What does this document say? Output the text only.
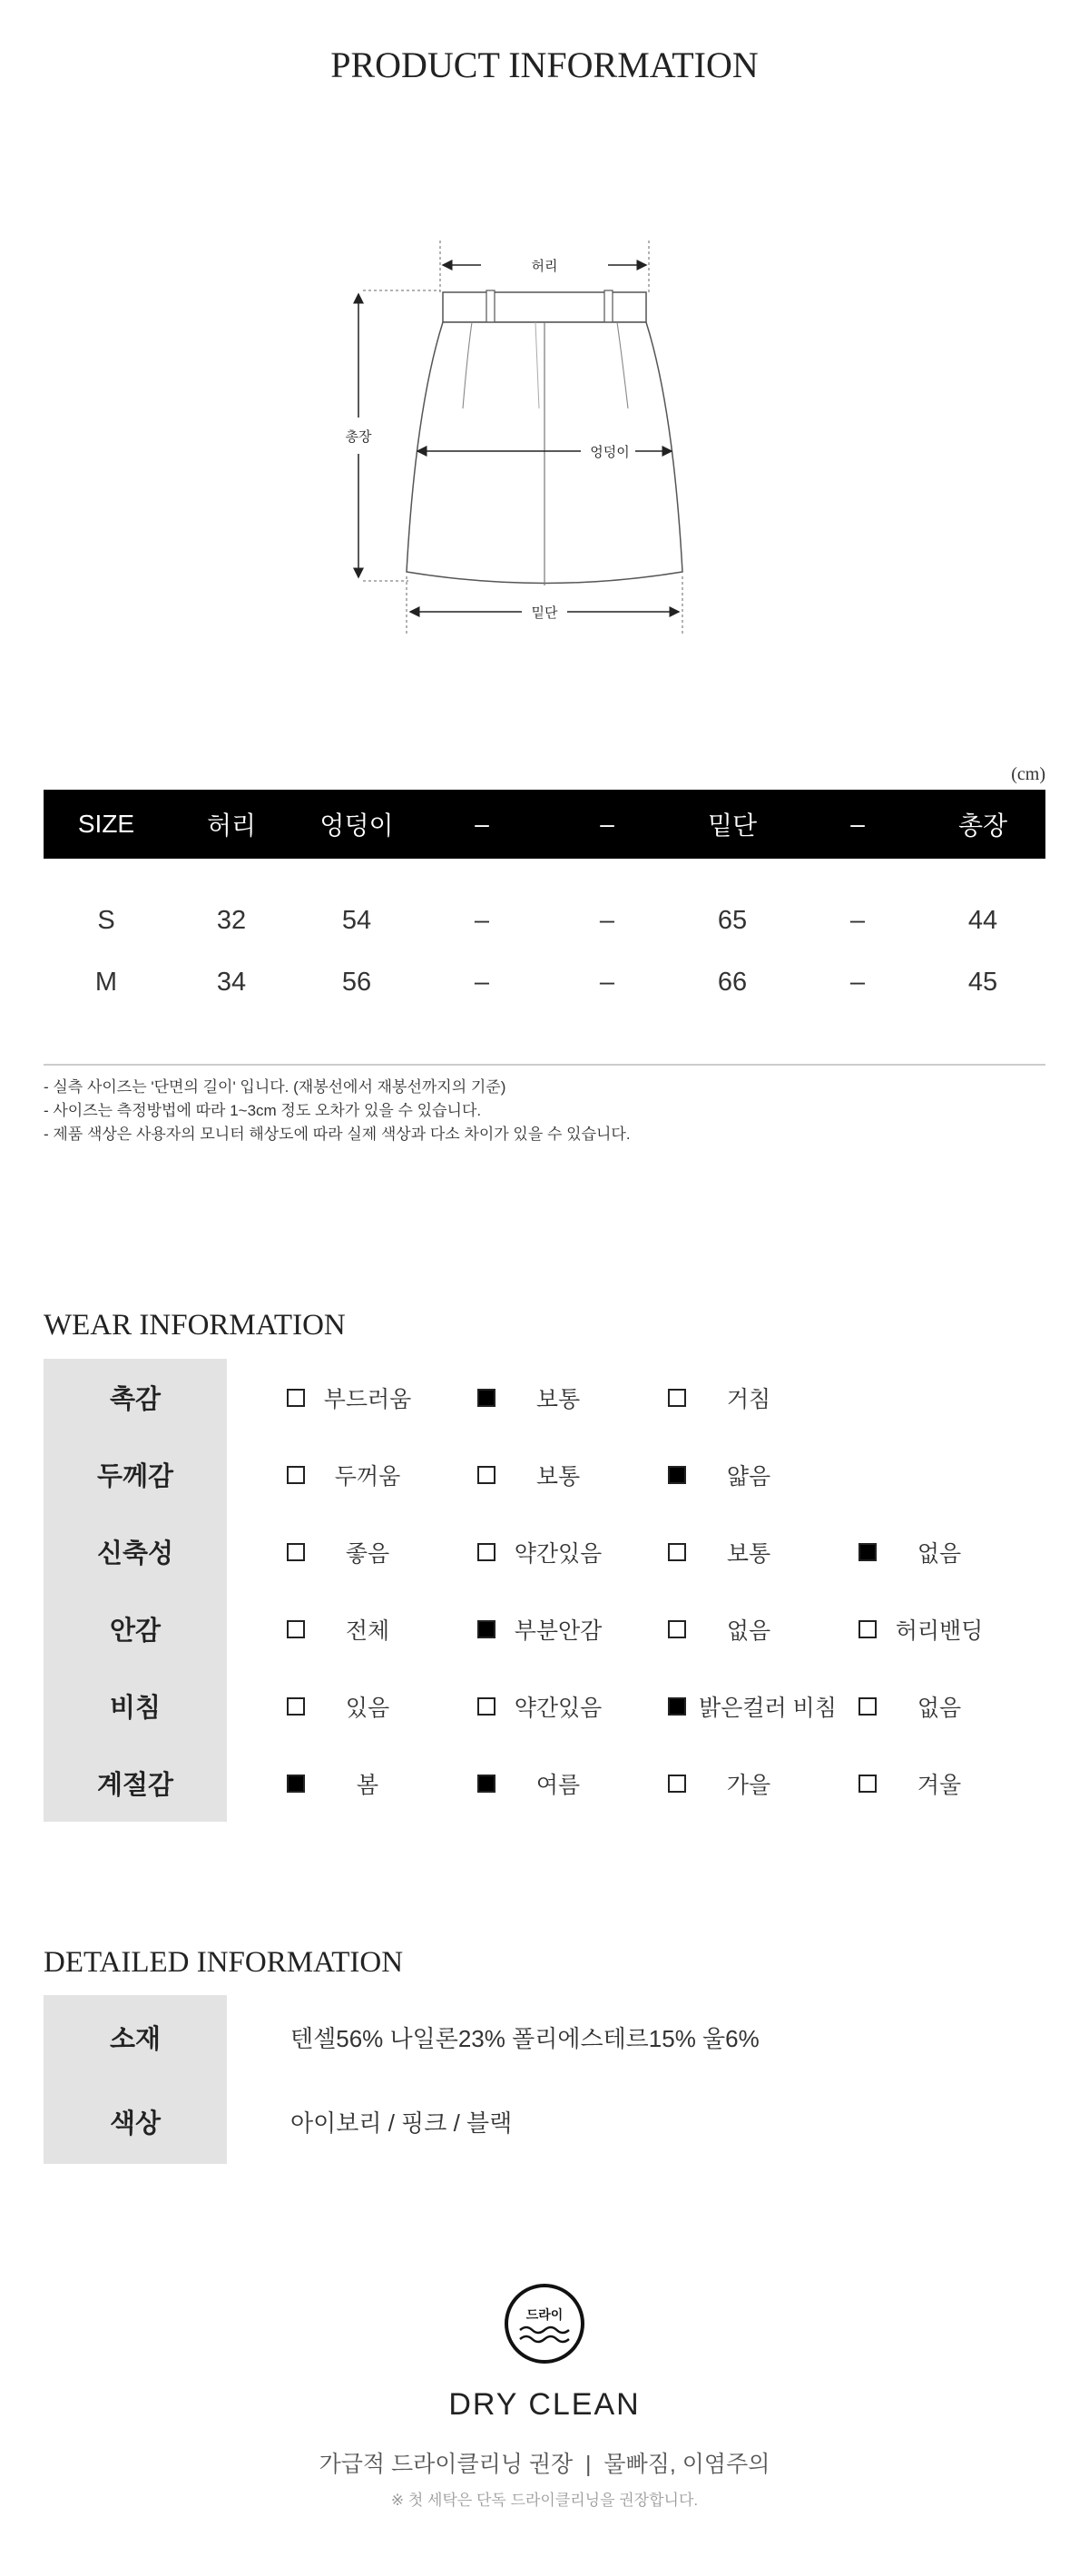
PRODUCT INFORMATION
허리
총장
엉덩이
밑단
(cm)
SIZE	허리	엉덩이	–	–	밑단	–	총장
S	32	54	–	–	65	–	44
M	34	56	–	–	66	–	45
- 실측 사이즈는 '단면의 길이' 입니다. (재봉선에서 재봉선까지의 기준)
- 사이즈는 측정방법에 따라 1~3cm 정도 오차가 있을 수 있습니다.
- 제품 색상은 사용자의 모니터 해상도에 따라 실제 색상과 다소 차이가 있을 수 있습니다.
WEAR INFORMATION
촉감	부드러움	보통	거침
두께감	두꺼움	보통	얇음
신축성	좋음	약간있음	보통	없음
안감	전체	부분안감	없음	허리밴딩
비침	있음	약간있음	밝은컬러 비침	없음
계절감	봄	여름	가을	겨울
DETAILED INFORMATION
소재	텐셀56% 나일론23% 폴리에스테르15% 울6%
색상	아이보리 / 핑크 / 블랙
드라이
DRY CLEAN
가급적 드라이클리닝 권장  |  물빠짐, 이염주의
※ 첫 세탁은 단독 드라이클리닝을 권장합니다.
